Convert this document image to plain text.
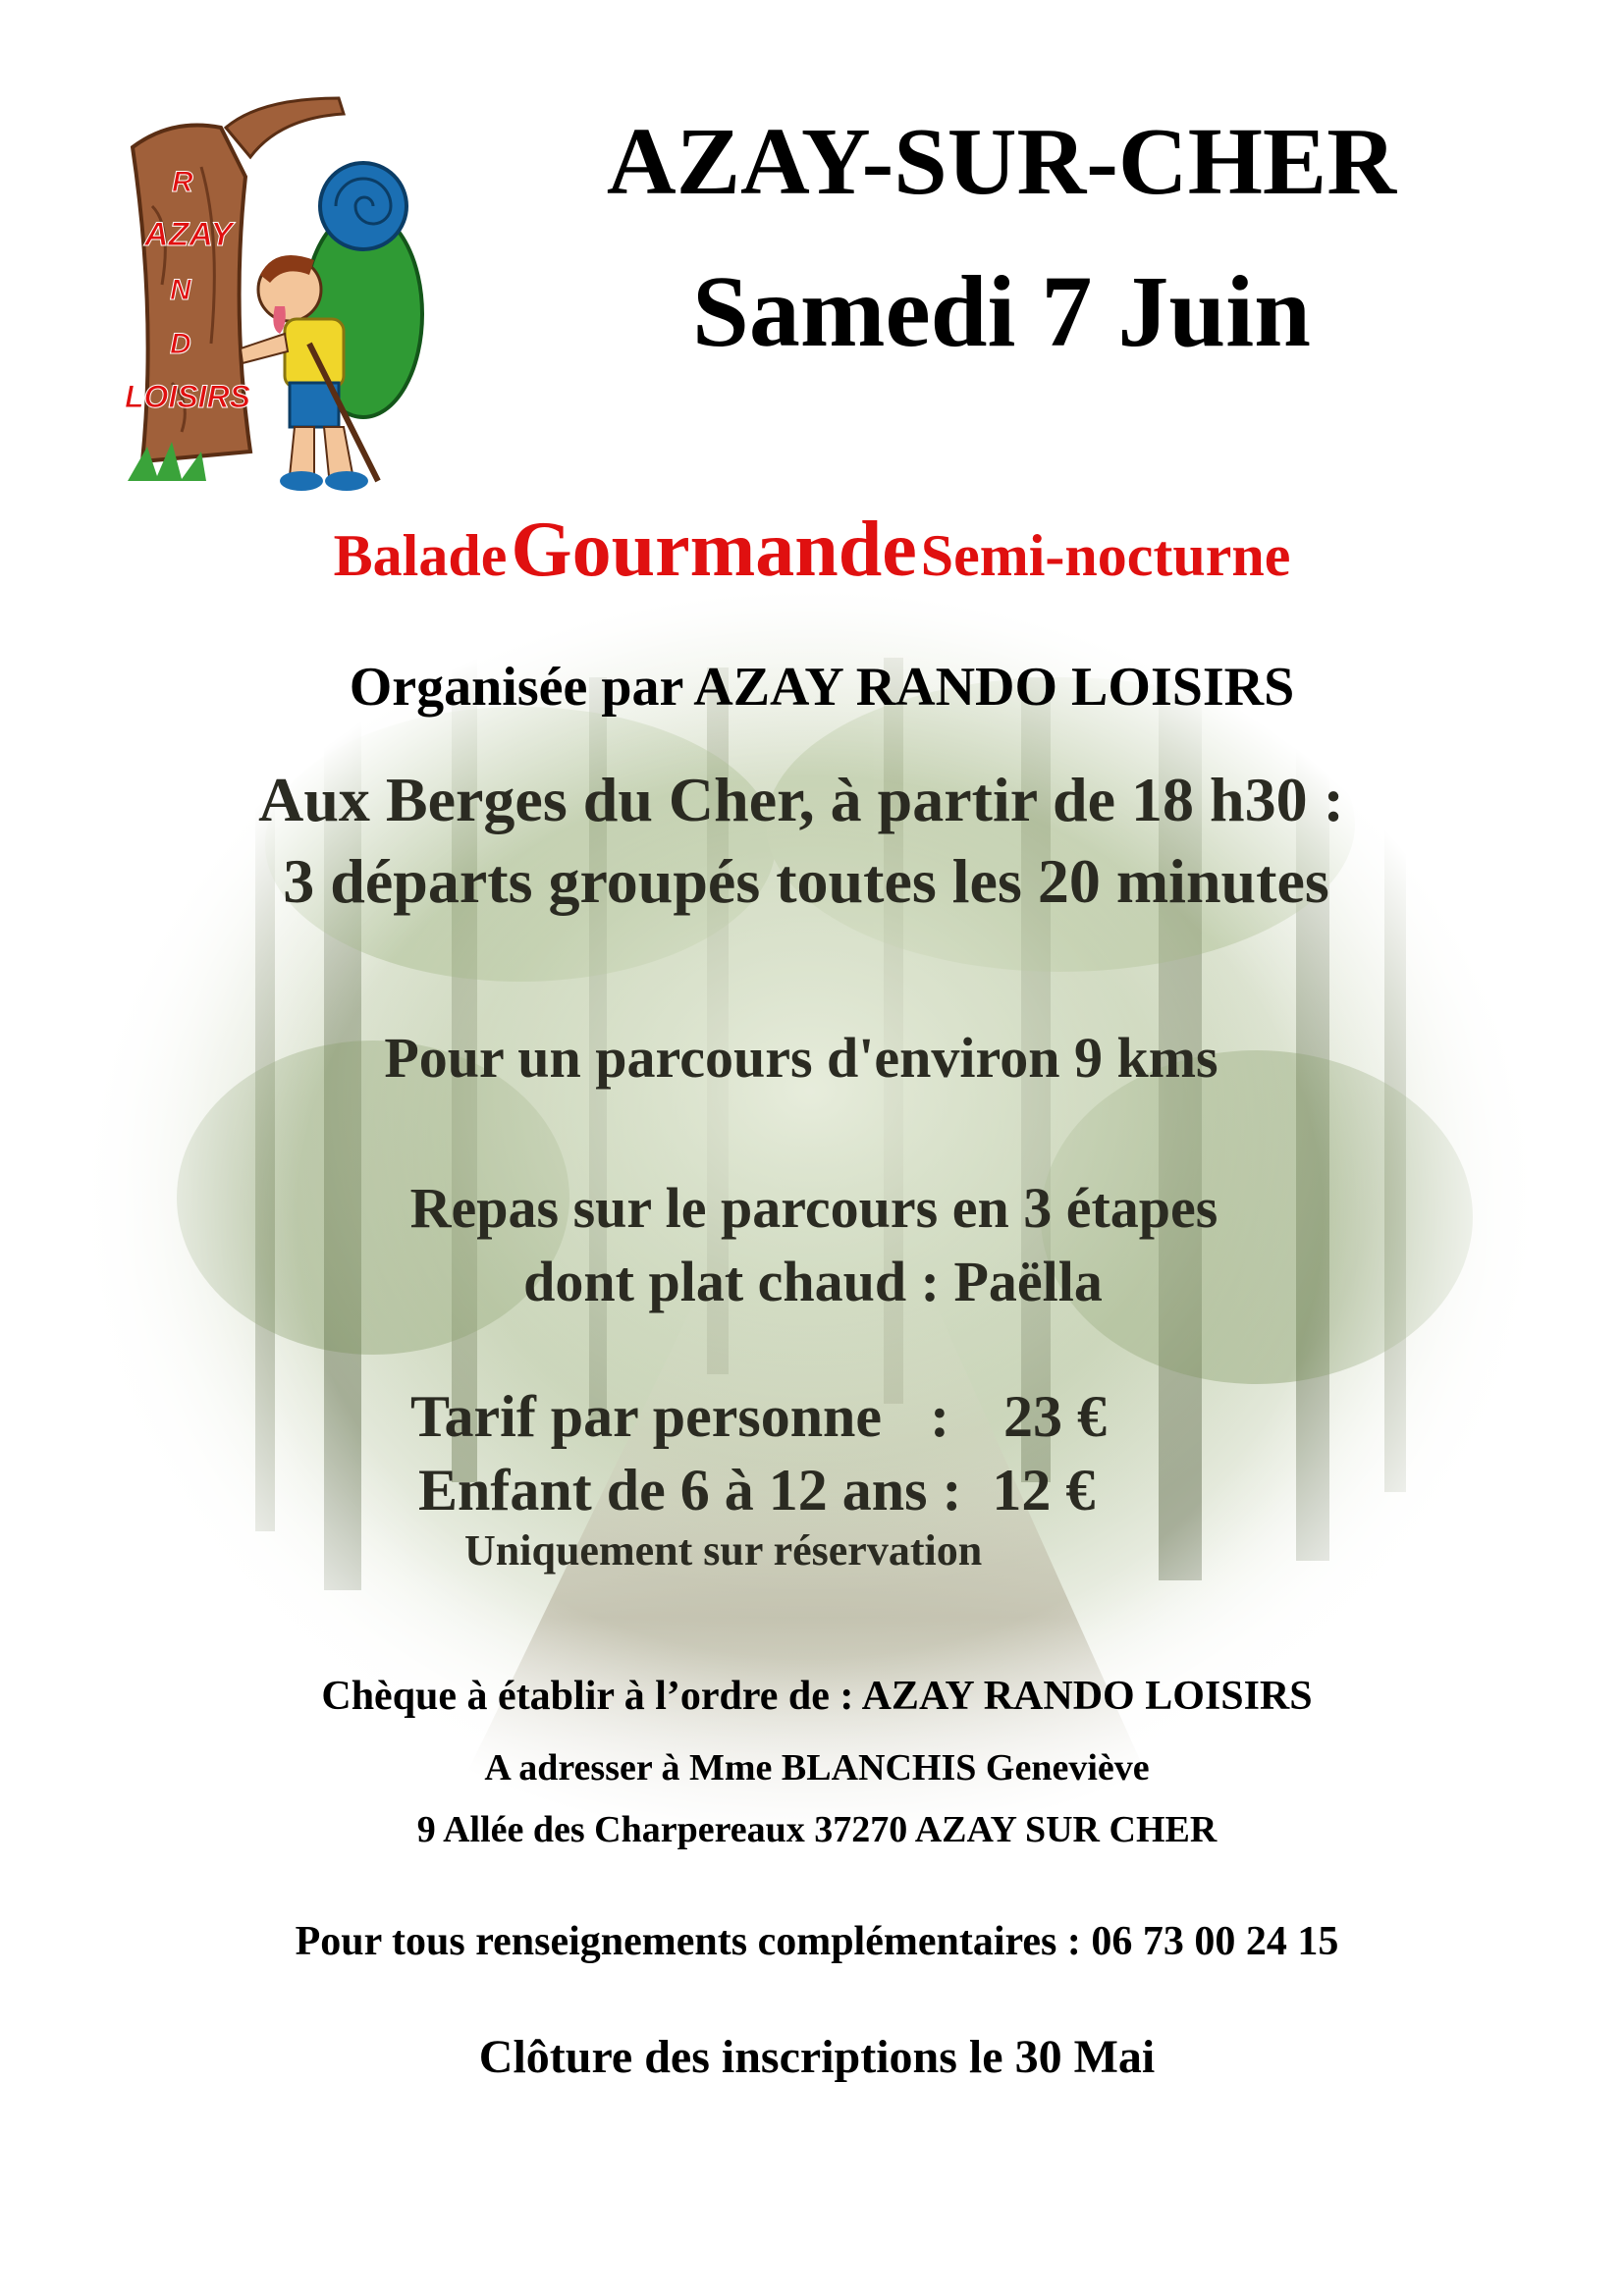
R
AZAY
N
D
LOISIRS
AZAY-SUR-CHER
Samedi 7 Juin
Balade Gourmande Semi-nocturne
Organisée par AZAY RANDO LOISIRS
Aux Berges du Cher, à partir de 18 h30 :
3 départs groupés toutes les 20 minutes
Pour un parcours d'environ 9 kms
Repas sur le parcours en 3 étapes
dont plat chaud : Paëlla
Tarif par personne : 23 €
Enfant de 6 à 12 ans : 12 €
Uniquement sur réservation
Chèque à établir à l’ordre de : AZAY RANDO LOISIRS
A adresser à Mme BLANCHIS Geneviève
9 Allée des Charpereaux 37270 AZAY SUR CHER
Pour tous renseignements complémentaires : 06 73 00 24 15
Clôture des inscriptions le 30 Mai
